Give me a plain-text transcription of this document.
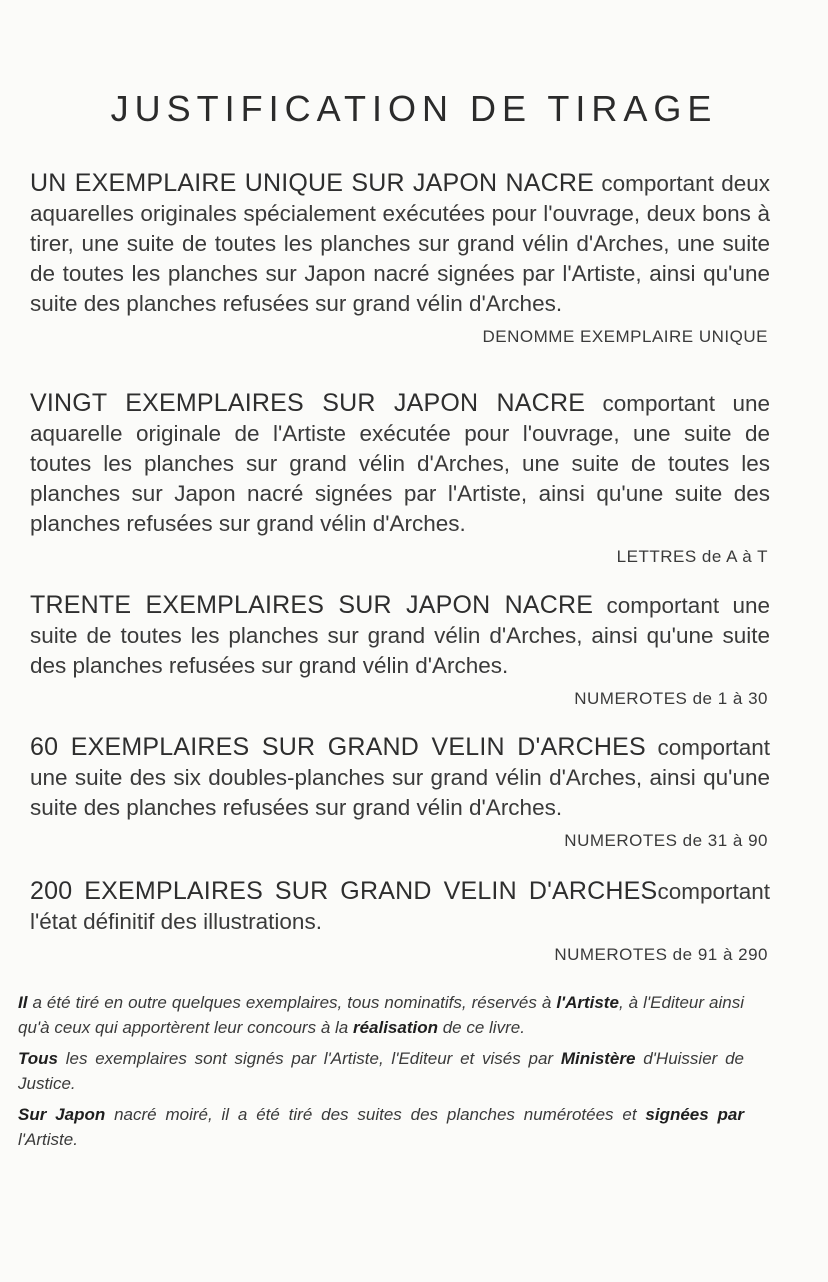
JUSTIFICATION DE TIRAGE
UN EXEMPLAIRE UNIQUE SUR JAPON NACRE comportant deux aquarelles originales spécialement exécutées pour l'ouvrage, deux bons à tirer, une suite de toutes les planches sur grand vélin d'Arches, une suite de toutes les planches sur Japon nacré signées par l'Artiste, ainsi qu'une suite des planches refusées sur grand vélin d'Arches.
DENOMME EXEMPLAIRE UNIQUE
VINGT EXEMPLAIRES SUR JAPON NACRE comportant une aquarelle originale de l'Artiste exécutée pour l'ouvrage, une suite de toutes les planches sur grand vélin d'Arches, une suite de toutes les planches sur Japon nacré signées par l'Artiste, ainsi qu'une suite des planches refusées sur grand vélin d'Arches.
LETTRES de A à T
TRENTE EXEMPLAIRES SUR JAPON NACRE comportant une suite de toutes les planches sur grand vélin d'Arches, ainsi qu'une suite des planches refusées sur grand vélin d'Arches.
NUMEROTES de 1 à 30
60 EXEMPLAIRES SUR GRAND VELIN D'ARCHES comportant une suite des six doubles-planches sur grand vélin d'Arches, ainsi qu'une suite des planches refusées sur grand vélin d'Arches.
NUMEROTES de 31 à 90
200 EXEMPLAIRES SUR GRAND VELIN D'ARCHEScomportant l'état définitif des illustrations.
NUMEROTES de 91 à 290

Il a été tiré en outre quelques exemplaires, tous nominatifs, réservés à l'Artiste, à l'Editeur ainsi qu'à ceux qui apportèrent leur concours à la réalisation de ce livre.

Tous les exemplaires sont signés par l'Artiste, l'Editeur et visés par Ministère d'Huissier de Justice.

Sur Japon nacré moiré, il a été tiré des suites des planches numérotées et signées par l'Artiste.
